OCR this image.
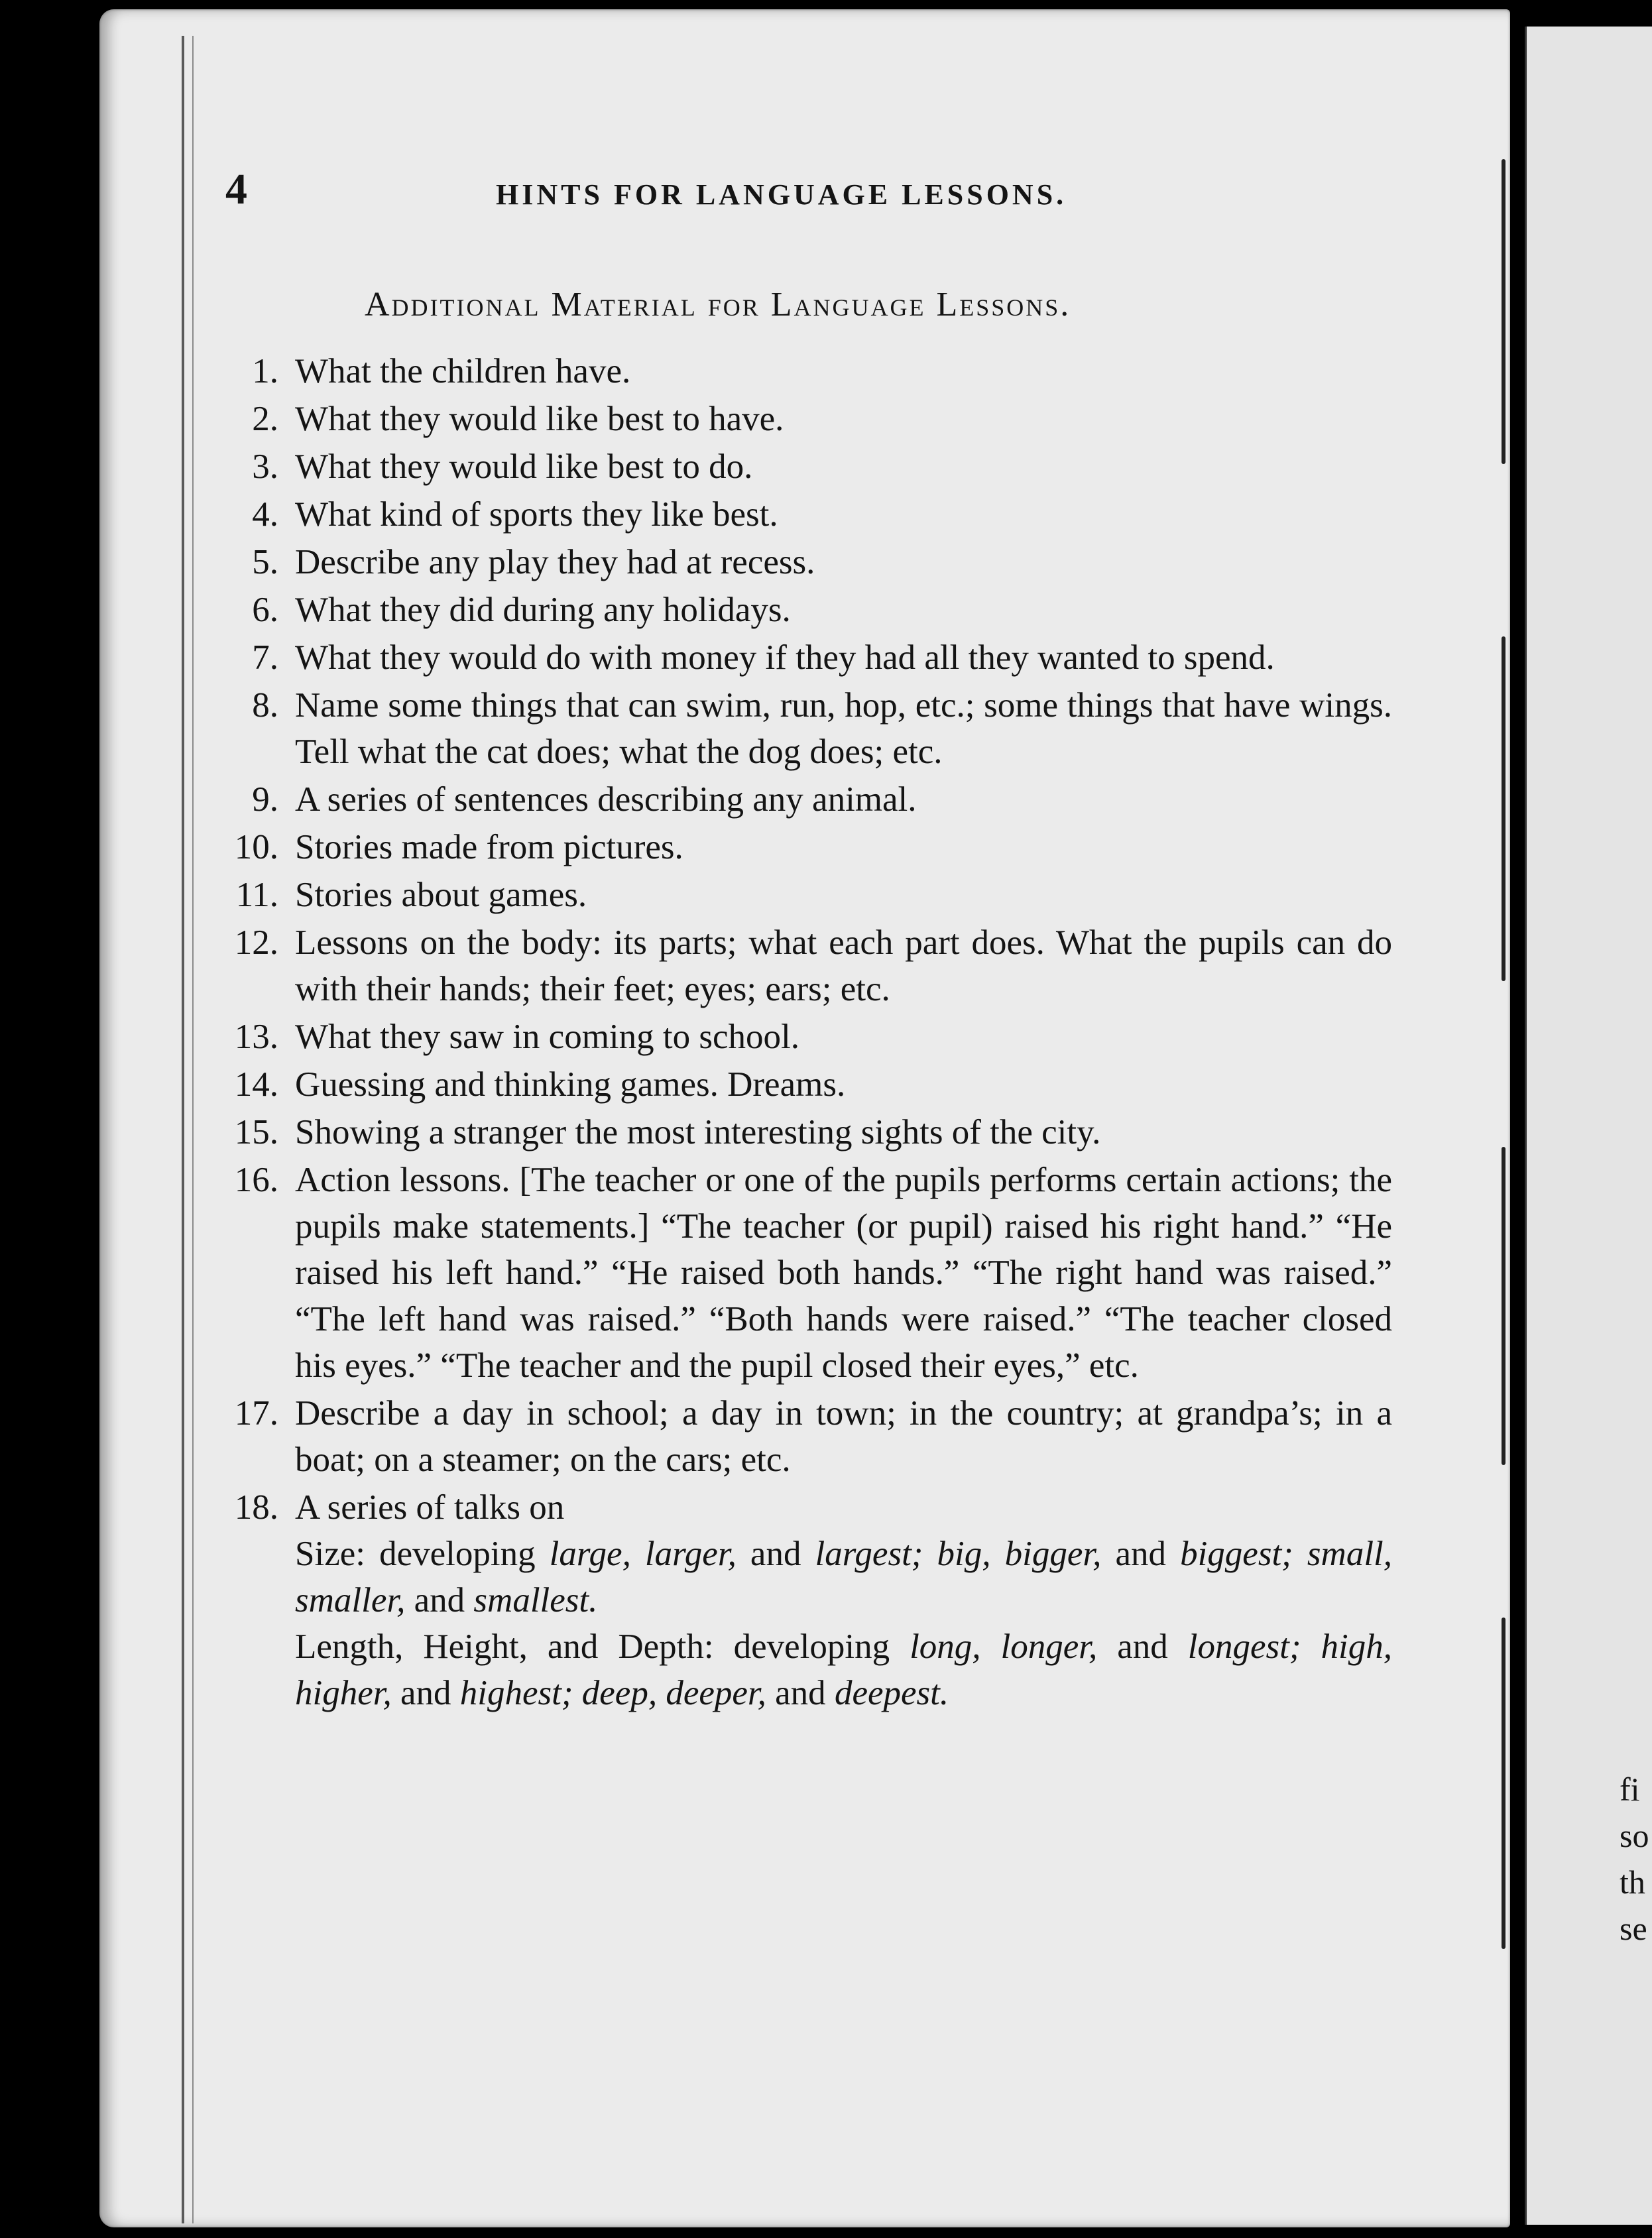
fi
so
th
se
4	HINTS FOR LANGUAGE LESSONS.
Additional Material for Language Lessons.
1. What the children have.
2. What they would like best to have.
3. What they would like best to do.
4. What kind of sports they like best.
5. Describe any play they had at recess.
6. What they did during any holidays.
7. What they would do with money if they had all they wanted to spend.
8. Name some things that can swim, run, hop, etc.; some things that have wings. Tell what the cat does; what the dog does; etc.
9. A series of sentences describing any animal.
10. Stories made from pictures.
11. Stories about games.
12. Lessons on the body: its parts; what each part does. What the pupils can do with their hands; their feet; eyes; ears; etc.
13. What they saw in coming to school.
14. Guessing and thinking games. Dreams.
15. Showing a stranger the most interesting sights of the city.
16. Action lessons. [The teacher or one of the pupils performs certain actions; the pupils make statements.] “The teacher (or pupil) raised his right hand.” “He raised his left hand.” “He raised both hands.” “The right hand was raised.” “The left hand was raised.” “Both hands were raised.” “The teacher closed his eyes.” “The teacher and the pupil closed their eyes,” etc.
17. Describe a day in school; a day in town; in the country; at grandpa’s; in a boat; on a steamer; on the cars; etc.
18. A series of talks on
Size: developing large, larger, and largest; big, bigger, and biggest; small, smaller, and smallest.
Length, Height, and Depth: developing long, longer, and longest; high, higher, and highest; deep, deeper, and deepest.
